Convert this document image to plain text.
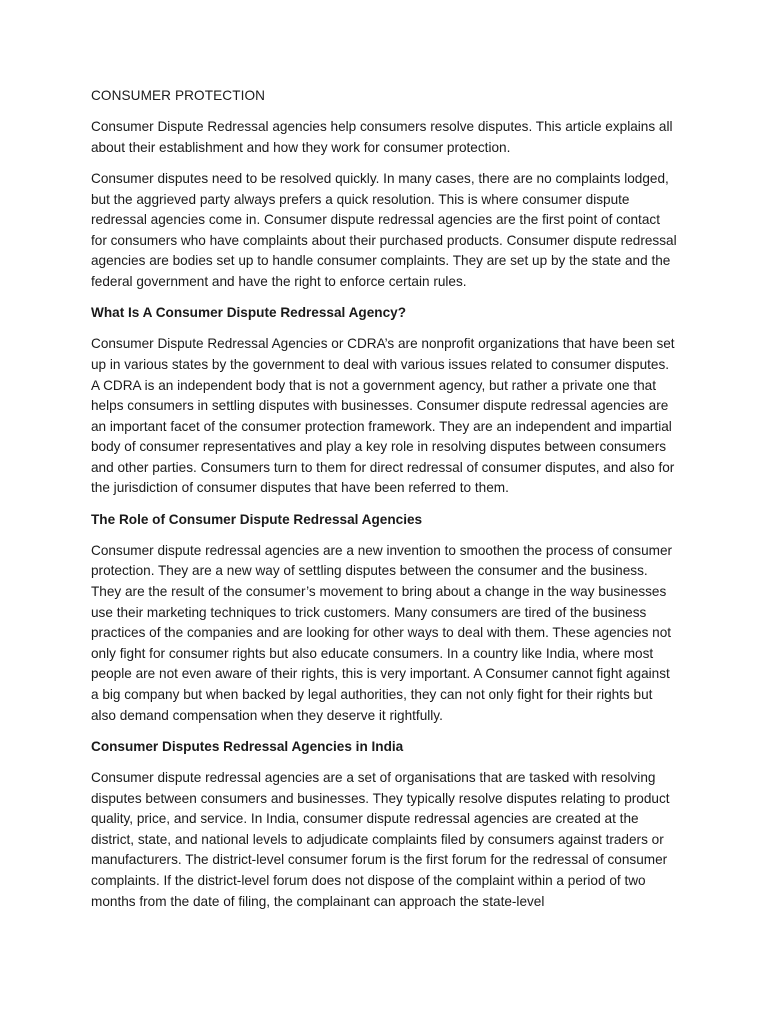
CONSUMER PROTECTION

Consumer Dispute Redressal agencies help consumers resolve disputes. This article explains all about their establishment and how they work for consumer protection.

Consumer disputes need to be resolved quickly. In many cases, there are no complaints lodged, but the aggrieved party always prefers a quick resolution. This is where consumer dispute redressal agencies come in. Consumer dispute redressal agencies are the first point of contact for consumers who have complaints about their purchased products. Consumer dispute redressal agencies are bodies set up to handle consumer complaints. They are set up by the state and the federal government and have the right to enforce certain rules.

What Is A Consumer Dispute Redressal Agency?

Consumer Dispute Redressal Agencies or CDRA’s are nonprofit organizations that have been set up in various states by the government to deal with various issues related to consumer disputes. A CDRA is an independent body that is not a government agency, but rather a private one that helps consumers in settling disputes with businesses. Consumer dispute redressal agencies are an important facet of the consumer protection framework. They are an independent and impartial body of consumer representatives and play a key role in resolving disputes between consumers and other parties. Consumers turn to them for direct redressal of consumer disputes, and also for the jurisdiction of consumer disputes that have been referred to them.

The Role of Consumer Dispute Redressal Agencies

Consumer dispute redressal agencies are a new invention to smoothen the process of consumer protection. They are a new way of settling disputes between the consumer and the business. They are the result of the consumer’s movement to bring about a change in the way businesses use their marketing techniques to trick customers. Many consumers are tired of the business practices of the companies and are looking for other ways to deal with them. These agencies not only fight for consumer rights but also educate consumers. In a country like India, where most people are not even aware of their rights, this is very important. A Consumer cannot fight against a big company but when backed by legal authorities, they can not only fight for their rights but also demand compensation when they deserve it rightfully.

Consumer Disputes Redressal Agencies in India

Consumer dispute redressal agencies are a set of organisations that are tasked with resolving disputes between consumers and businesses. They typically resolve disputes relating to product quality, price, and service. In India, consumer dispute redressal agencies are created at the district, state, and national levels to adjudicate complaints filed by consumers against traders or manufacturers. The district-level consumer forum is the first forum for the redressal of consumer complaints. If the district-level forum does not dispose of the complaint within a period of two months from the date of filing, the complainant can approach the state-level
